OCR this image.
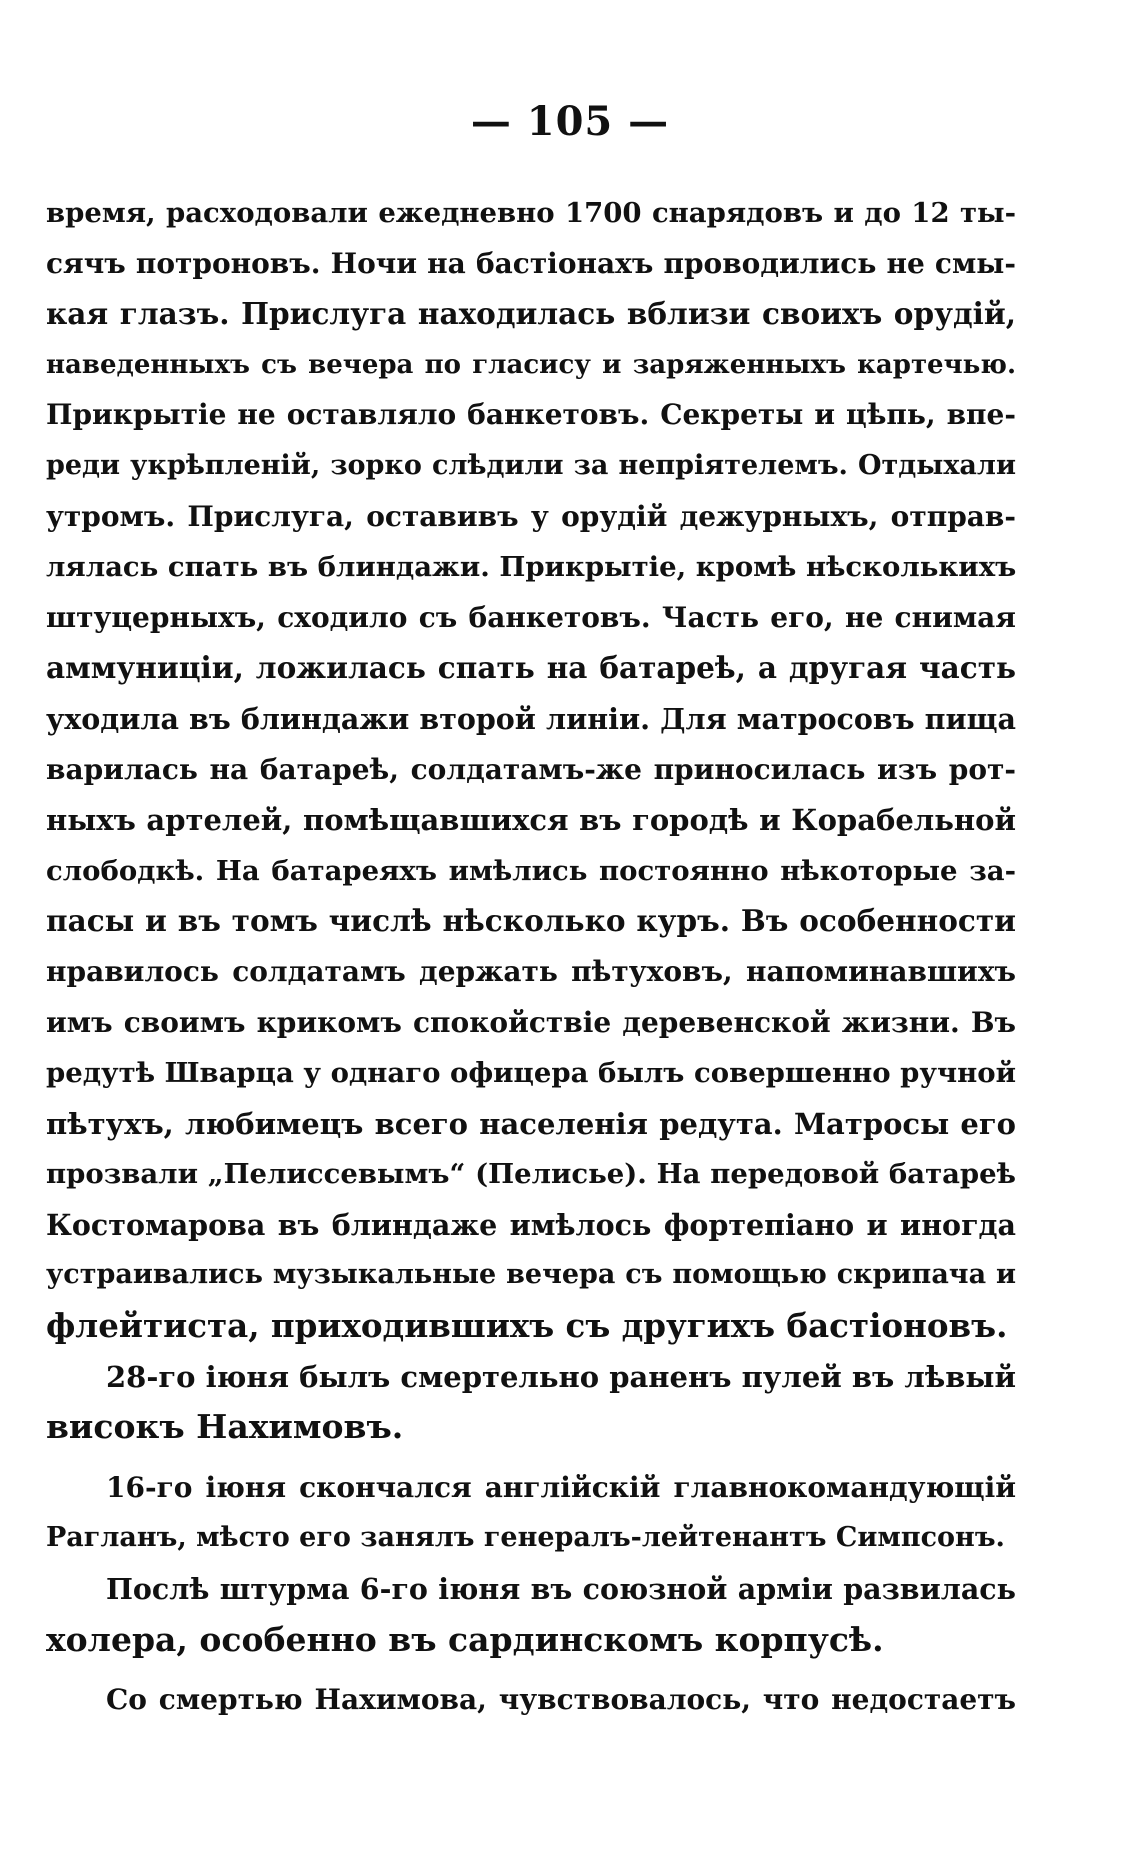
— 105 —
время, расходовали ежедневно 1700 снарядовъ и до 12 ты-
сячъ потроновъ. Ночи на бастіонахъ проводились не смы-
кая глазъ. Прислуга находилась вблизи своихъ орудій,
наведенныхъ съ вечера по гласису и заряженныхъ картечью.
Прикрытіе не оставляло банкетовъ. Секреты и цѣпь, впе-
реди укрѣпленій, зорко слѣдили за непріятелемъ. Отдыхали
утромъ. Прислуга, оставивъ у орудій дежурныхъ, отправ-
лялась спать въ блиндажи. Прикрытіе, кромѣ нѣсколькихъ
штуцерныхъ, сходило съ банкетовъ. Часть его, не снимая
аммуниціи, ложилась спать на батареѣ, а другая часть
уходила въ блиндажи второй линіи. Для матросовъ пища
варилась на батареѣ, солдатамъ-же приносилась изъ рот-
ныхъ артелей, помѣщавшихся въ городѣ и Корабельной
слободкѣ. На батареяхъ имѣлись постоянно нѣкоторые за-
пасы и въ томъ числѣ нѣсколько куръ. Въ особенности
нравилось солдатамъ держать пѣтуховъ, напоминавшихъ
имъ своимъ крикомъ спокойствіе деревенской жизни. Въ
редутѣ Шварца у однаго офицера былъ совершенно ручной
пѣтухъ, любимецъ всего населенія редута. Матросы его
прозвали „Пелиссевымъ“ (Пелисье). На передовой батареѣ
Костомарова въ блиндаже имѣлось фортепіано и иногда
устраивались музыкальные вечера съ помощью скрипача и
флейтиста, приходившихъ съ другихъ бастіоновъ.
28-го іюня былъ смертельно раненъ пулей въ лѣвый
високъ Нахимовъ.
16-го іюня скончался англійскій главнокомандующій
Рагланъ, мѣсто его занялъ генералъ-лейтенантъ Симпсонъ.
Послѣ штурма 6-го іюня въ союзной арміи развилась
холера, особенно въ сардинскомъ корпусѣ.
Со смертью Нахимова, чувствовалось, что недостаетъ
